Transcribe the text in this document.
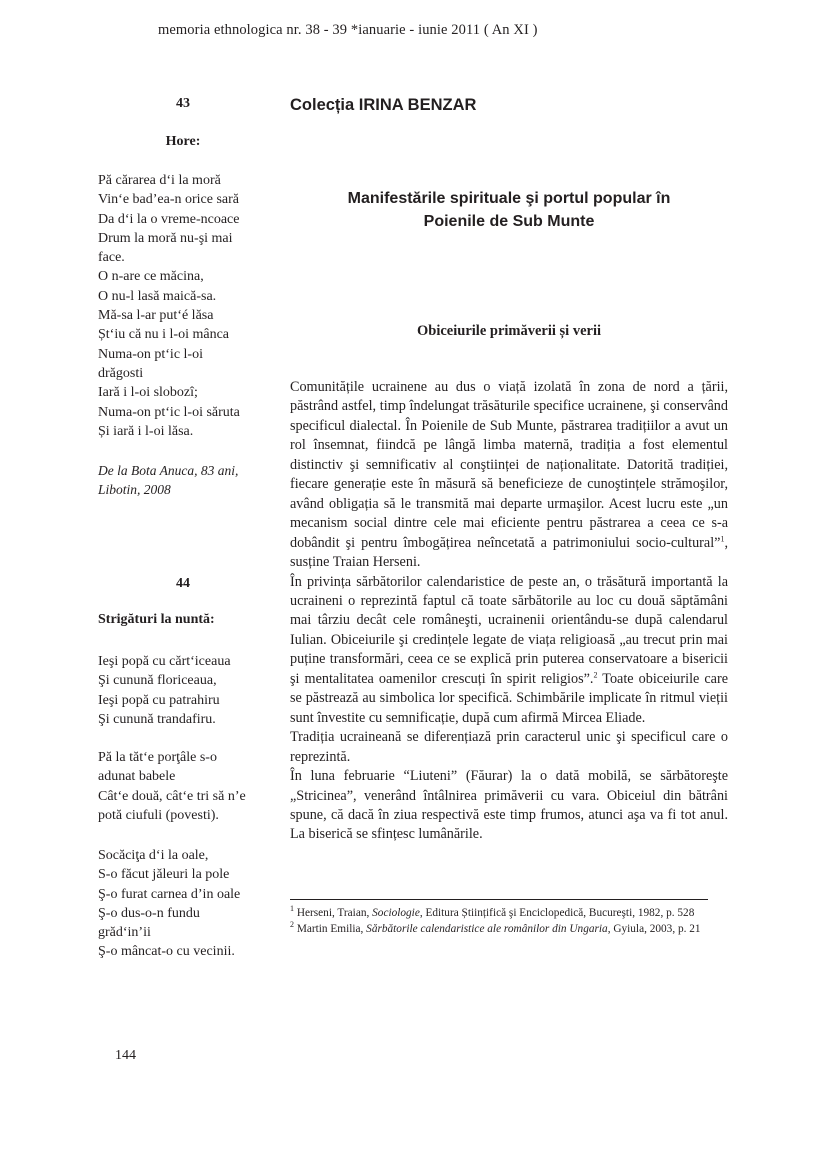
memoria ethnologica nr. 38 - 39 *ianuarie - iunie 2011 ( An XI )
43
Hore:
Pă cărarea d‘i la moră
Vin‘e bad’ea-n orice sară
Da d‘i la o vreme-ncoace
Drum la moră nu-şi mai
face.
O n-are ce măcina,
O nu-l lasă maică-sa.
Mă-sa l-ar put‘é lăsa
Șt‘iu că nu i l-oi mânca
Numa-on pt‘ic l-oi
drăgosti
Iară i l-oi slobozî;
Numa-on pt‘ic l-oi săruta
Și iară i l-oi lăsa.
De la Bota Anuca, 83 ani,
Libotin, 2008
44
Strigături la nuntă:
Ieşi popă cu cărt‘iceaua
Şi cunună floriceaua,
Ieşi popă cu patrahiru
Şi cunună trandafiru.
Pă la tăt‘e porţâle s-o
adunat babele
Cât‘e două, cât‘e tri să n’e
potă ciufuli (povesti).
Socăciţa d‘i la oale,
S-o făcut jăleuri la pole
Ş-o furat carnea d’in oale
Ş-o dus-o-n fundu
grăd‘in’ii
Ş-o mâncat-o cu vecinii.
Colecția IRINA BENZAR
Manifestările spirituale şi portul popular în
Poienile de Sub Munte
Obiceiurile primăverii și verii

Comunitățile ucrainene au dus o viață izolată în zona de nord a țării, păstrând astfel, timp îndelungat trăsăturile specifice ucrainene, şi conservând specificul dialectal. În Poienile de Sub Munte, păstrarea tradițiilor a avut un rol însemnat, fiindcă pe lângă limba maternă, tradiția a fost elementul distinctiv şi semnificativ al conştiinței de naționalitate. Datorită tradiției, fiecare generație este în măsură să beneficieze de cunoştințele strămoşilor, având obligația să le transmită mai departe urmaşilor. Acest lucru este „un mecanism social dintre cele mai eficiente pentru păstrarea a ceea ce s-a dobândit şi pentru îmbogățirea neîncetată a patrimoniului socio-cultural”$^1$, susține Traian Herseni.

În privința sărbătorilor calendaristice de peste an, o trăsătură importantă la ucraineni o reprezintă faptul că toate sărbătorile au loc cu două săptămâni mai târziu decât cele româneşti, ucrainenii orientându-se după calendarul Iulian. Obiceiurile şi credințele legate de viața religioasă „au trecut prin mai puține transformări, ceea ce se explică prin puterea conservatoare a bisericii şi mentalitatea oamenilor crescuți în spirit religios”.$^2$ Toate obiceiurile care se păstrează au simbolica lor specifică. Schimbările implicate în ritmul vieții sunt învestite cu semnificație, după cum afirmă Mircea Eliade.

Tradiția ucraineană se diferențiază prin caracterul unic şi specificul care o reprezintă.

În luna februarie “Liuteni” (Făurar) la o dată mobilă, se sărbătoreşte „Stricinea”, venerând întâlnirea primăverii cu vara. Obiceiul din bătrâni spune, că dacă în ziua respectivă este timp frumos, atunci aşa va fi tot anul. La biserică se sfințesc lumânările.

$^1$ Herseni, Traian, Sociologie, Editura Științifică şi Enciclopedică, Bucureşti, 1982, p. 528
$^2$ Martin Emilia, Sărbătorile calendaristice ale românilor din Ungaria, Gyiula, 2003, p. 21
144
